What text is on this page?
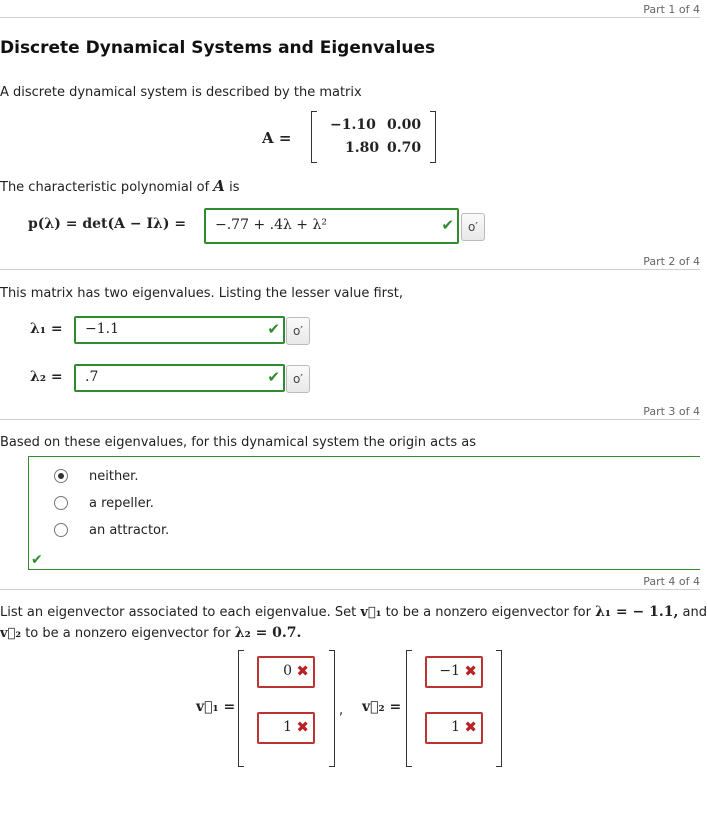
Part 1 of 4
Discrete Dynamical Systems and Eigenvalues
A discrete dynamical system is described by the matrix
A =
−1.10 0.00
1.80 0.70
The characteristic polynomial of A is
p(λ) = det(A − Iλ) = −.77 + .4λ + λ²	✔	o′
Part 2 of 4
This matrix has two eigenvalues. Listing the lesser value first,
λ₁ = −1.1	✔	o′
λ₂ = .7	✔	o′
Part 3 of 4
Based on these eigenvalues, for this dynamical system the origin acts as
neither.
a repeller.
an attractor.
✔
Part 4 of 4
List an eigenvector associated to each eigenvalue. Set v⃗₁ to be a nonzero eigenvector for λ₁ = − 1.1, and
v⃗₂ to be a nonzero eigenvector for λ₂ = 0.7.
v⃗₁ =
0 ✖
1 ✖
, v⃗₂ =
−1 ✖
1 ✖
